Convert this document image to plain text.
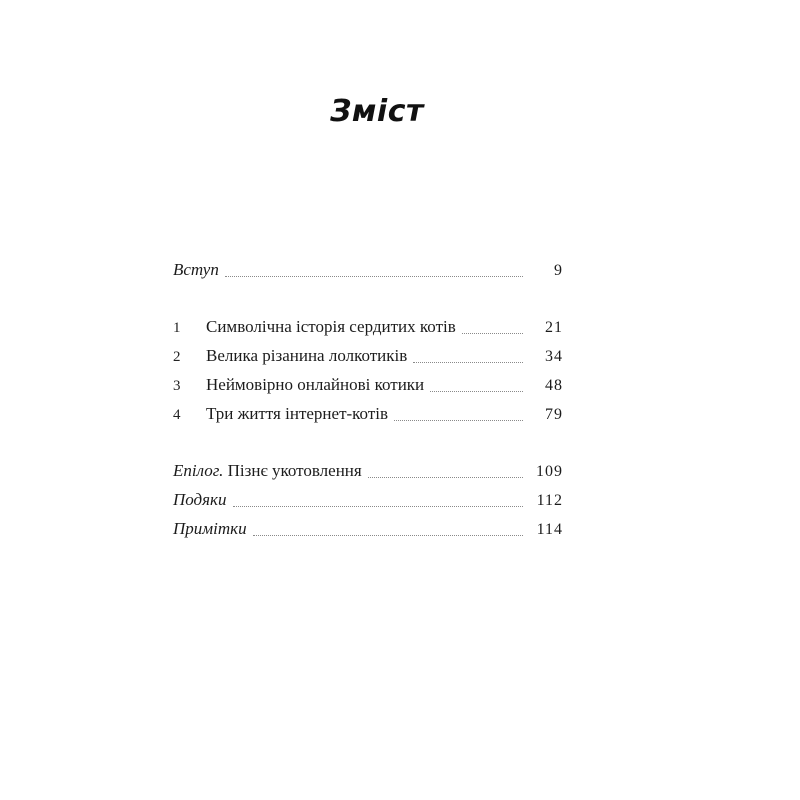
Зміст
Вступ	9
1	Символічна історія сердитих котів	21
2	Велика різанина лолкотиків	34
3	Неймовірно онлайнові котики	48
4	Три життя інтернет-котів	79
Епілог. Пізнє укотовлення	109
Подяки	112
Примітки	114
